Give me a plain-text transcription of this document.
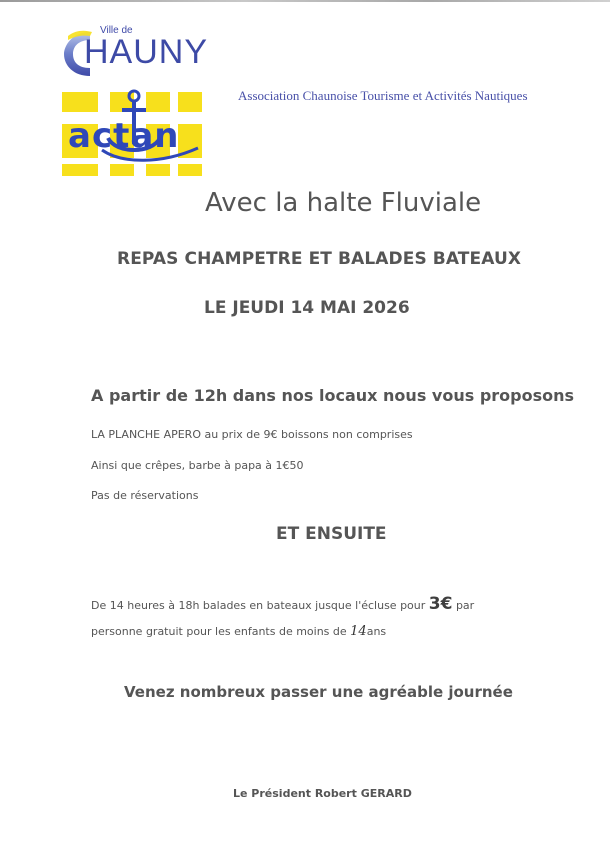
Ville de
HAUNY
actan
Association Chaunoise Tourisme et Activités Nautiques
Avec la halte Fluviale
REPAS CHAMPETRE ET BALADES BATEAUX
LE JEUDI 14 MAI 2026
A partir de 12h dans nos locaux nous vous proposons
LA PLANCHE APERO au prix de 9€ boissons non comprises
Ainsi que crêpes, barbe à papa à 1€50
Pas de réservations
ET ENSUITE
De 14 heures à 18h balades en bateaux jusque l'écluse pour 3€ par
personne gratuit pour les enfants de moins de 14ans
Venez nombreux passer une agréable journée
Le Président Robert GERARD
